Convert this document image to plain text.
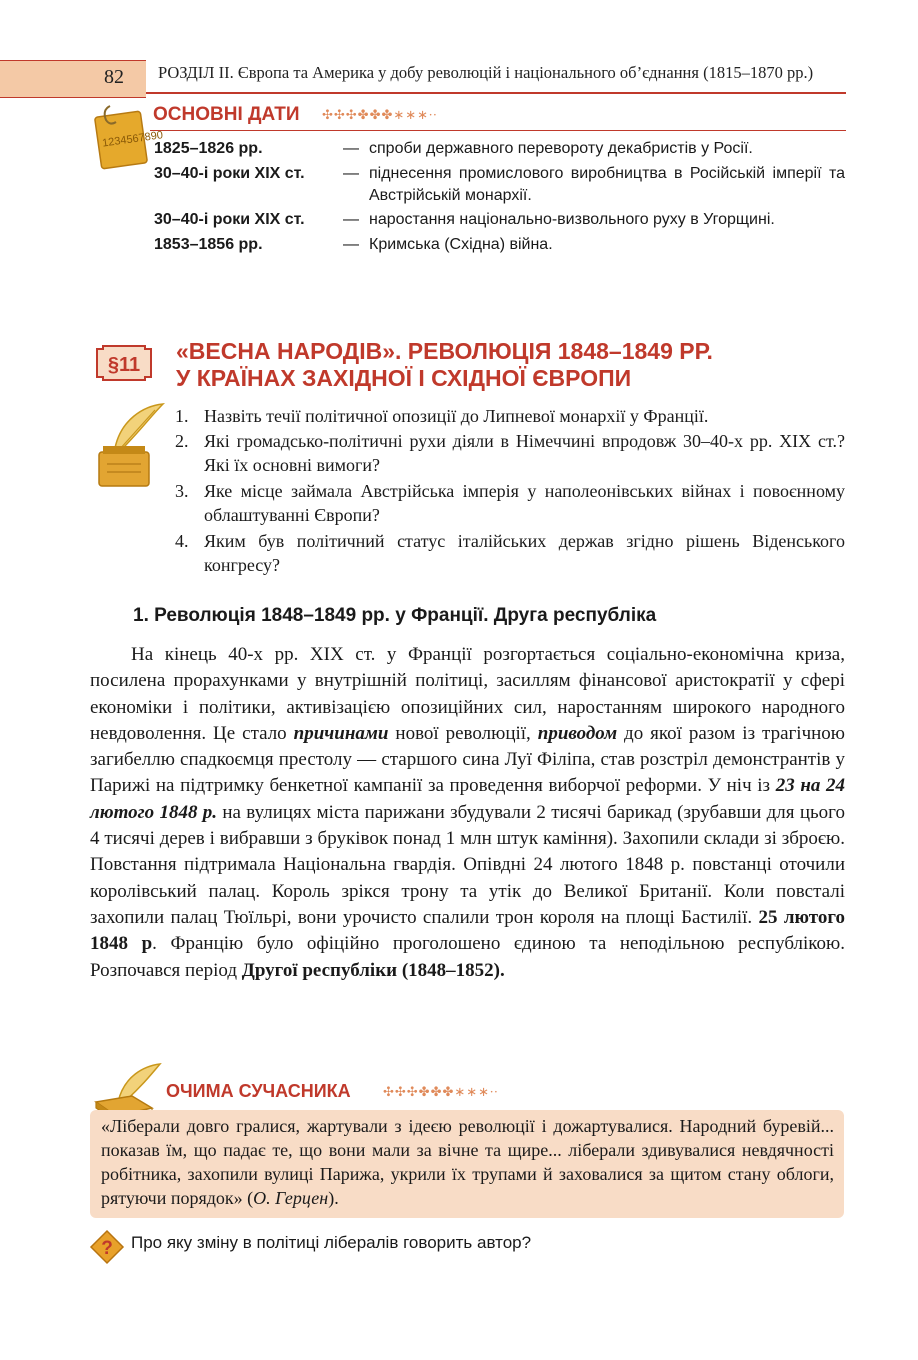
82 РОЗДІЛ II. Європа та Америка у добу революцій і національного об’єднання (1815–1870 рр.)
1234567890
ОСНОВНІ ДАТИ ✣✣✣✤✤✤∗∗∗∙∙
1825–1826 рр.	— спроби державного перевороту декабристів у Росії.
30–40-і роки XIX ст. — піднесення промислового виробництва в Російській імперії та Австрійській монархії.
30–40-і роки XIX ст. — наростання національно-визвольного руху в Угорщині.
1853–1856 рр.	— Кримська (Східна) війна.
§11
«ВЕСНА НАРОДІВ». РЕВОЛЮЦІЯ 1848–1849 РР.
У КРАЇНАХ ЗАХІДНОЇ І СХІДНОЇ ЄВРОПИ
1. Назвіть течії політичної опозиції до Липневої монархії у Франції.
2. Які громадсько-політичні рухи діяли в Німеччині впродовж 30–40-х рр. XIX ст.? Які їх основні вимоги?
3. Яке місце займала Австрійська імперія у наполеонівських війнах і повоєнному облаштуванні Європи?
4. Яким був політичний статус італійських держав згідно рішень Віденського конгресу?
1. Революція 1848–1849 рр. у Франції. Друга республіка

На кінець 40-х рр. XIX ст. у Франції розгортається соціально-економічна криза, посилена прорахунками у внутрішній політиці, засиллям фінансової аристократії у сфері економіки і політики, активізацією опозиційних сил, наростанням широкого народного невдоволення. Це стало причинами нової революції, приводом до якої разом із трагічною загибеллю спадкоємця престолу — старшого сина Луї Філіпа, став розстріл демонстрантів у Парижі на підтримку бенкетної кампанії за проведення виборчої реформи. У ніч із 23 на 24 лютого 1848 р. на вулицях міста парижани збудували 2 тисячі барикад (зрубавши для цього 4 тисячі дерев і вибравши з бруківок понад 1 млн штук каміння). Захопили склади зі зброєю. Повстання підтримала Національна гвардія. Опівдні 24 лютого 1848 р. повстанці оточили королівський палац. Король зрікся трону та утік до Великої Британії. Коли повсталі захопили палац Тюїльрі, вони урочисто спалили трон короля на площі Бастилії. 25 лютого 1848 р. Францію було офіційно проголошено єдиною та неподільною республікою. Розпочався період Другої республіки (1848–1852).

ОЧИМА СУЧАСНИКА ✣✣✣✤✤✤∗∗∗∙∙
«Ліберали довго гралися, жартували з ідеєю революції і дожартувалися. Народний буревій... показав їм, що падає те, що вони мали за вічне та щире... ліберали здивувалися невдячності робітника, захопили вулиці Парижа, укрили їх трупами й заховалися за щитом стану облоги, рятуючи порядок» (О. Герцен).
? Про яку зміну в політиці лібералів говорить автор?
